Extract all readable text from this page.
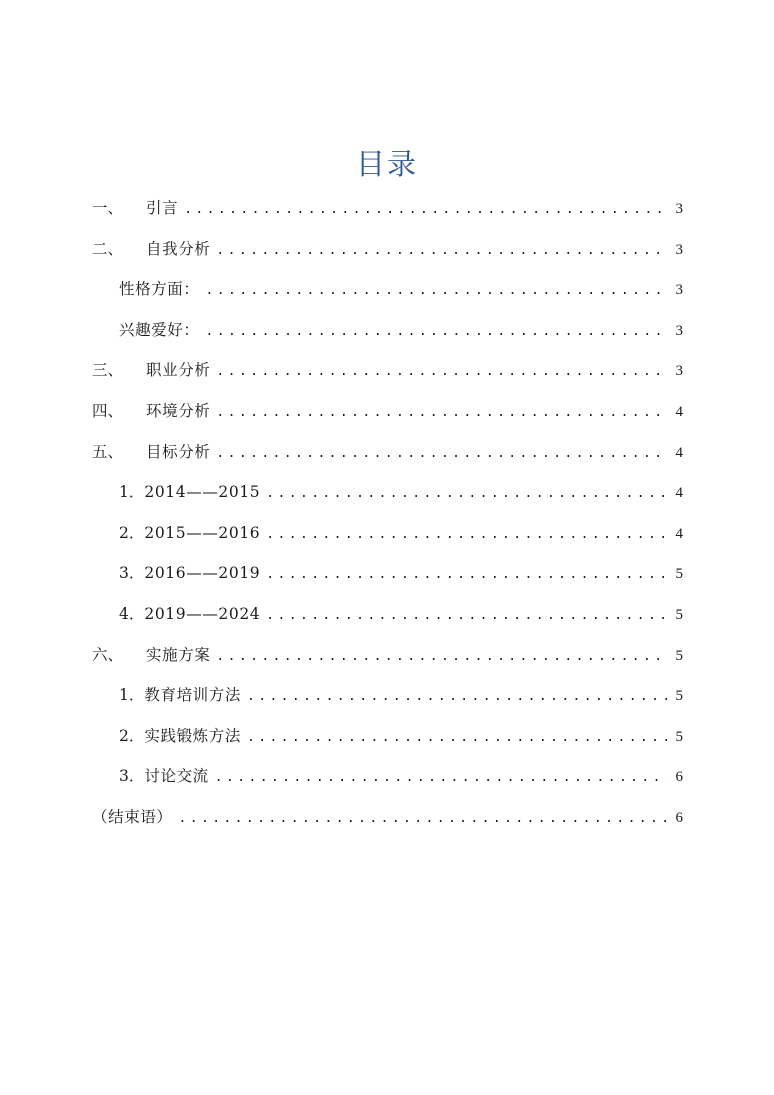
目录
一、	引言 .....	3
二、	自我分析 .....	3
性格方面： .....	3
兴趣爱好： .....	3
三、	职业分析 .....	3
四、	环境分析 .....	4
五、	目标分析 .....	4
1． 2014——2015 .....	4
2． 2015——2016 .....	4
3． 2016——2019 .....	5
4． 2019——2024 .....	5
六、	实施方案 .....	5
1． 教育培训方法 .....	5
2． 实践锻炼方法 .....	5
3． 讨论交流 .....	6
（结束语） .....	6
